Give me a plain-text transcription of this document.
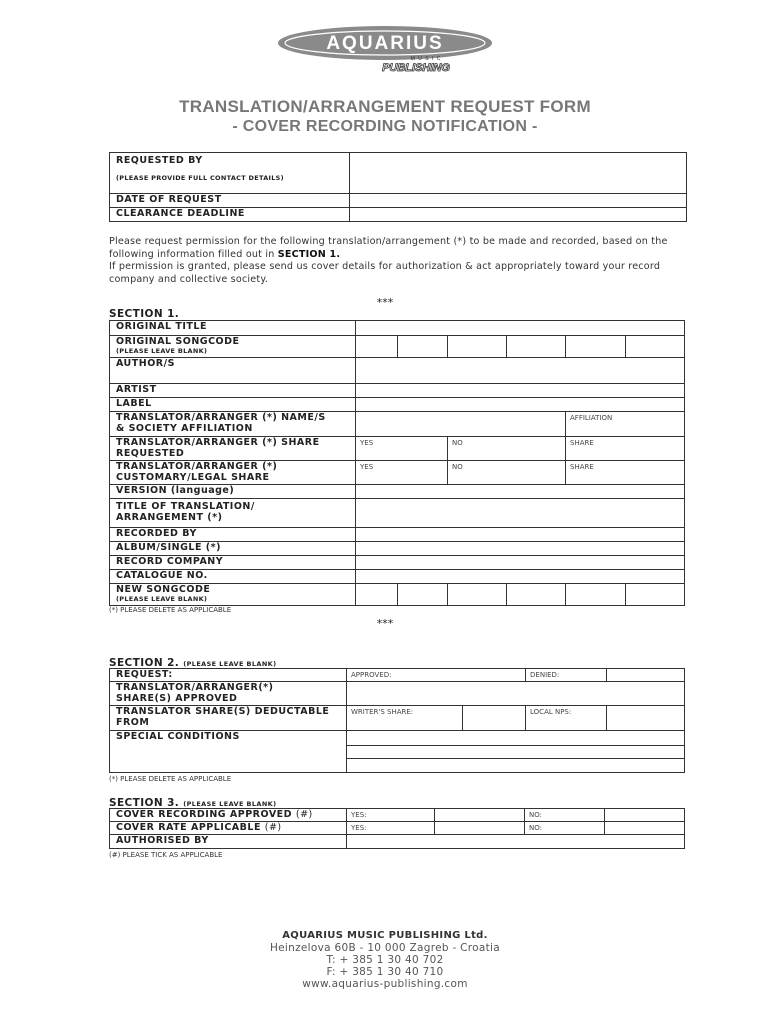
AQUARIUS
M U S I C
PUBLISHING
TRANSLATION/ARRANGEMENT REQUEST FORM
- COVER RECORDING NOTIFICATION -
REQUESTED BY
(PLEASE PROVIDE FULL CONTACT DETAILS)	

DATE OF REQUEST	
CLEARANCE DEADLINE	
Please request permission for the following translation/arrangement (*) to be made and recorded, based on the following information filled out in SECTION 1.
If permission is granted, please send us cover details for authorization & act appropriately toward your record company and collective society.
***
SECTION 1.
ORIGINAL TITLE						

ORIGINAL SONGCODE
(PLEASE LEAVE BLANK)						

AUTHOR/S						
ARTIST						
LABEL						

TRANSLATOR/ARRANGER (*) NAME/S
& SOCIETY AFFILIATION					AFFILIATION	

TRANSLATOR/ARRANGER (*) SHARE
REQUESTED	YES		NO		SHARE	

TRANSLATOR/ARRANGER (*)
CUSTOMARY/LEGAL SHARE	YES		NO		SHARE	
VERSION (language)						

TITLE OF TRANSLATION/
ARRANGEMENT (*)						

RECORDED BY						
ALBUM/SINGLE (*)						
RECORD COMPANY						
CATALOGUE NO.						

NEW SONGCODE
(PLEASE LEAVE BLANK)						

(*) PLEASE DELETE AS APPLICABLE
***
SECTION 2. (PLEASE LEAVE BLANK)
REQUEST:	APPROVED:		DENIED:	

TRANSLATOR/ARRANGER(*)
SHARE(S) APPROVED				

TRANSLATOR SHARE(S) DEDUCTABLE
FROM	WRITER'S SHARE:		LOCAL NPS:	
SPECIAL CONDITIONS				

(*) PLEASE DELETE AS APPLICABLE
SECTION 3. (PLEASE LEAVE BLANK)
COVER RECORDING APPROVED (#)	YES:		NO:	
COVER RATE APPLICABLE (#)	YES:		NO:	
AUTHORISED BY				
(#) PLEASE TICK AS APPLICABLE
AQUARIUS MUSIC PUBLISHING Ltd.
Heinzelova 60B - 10 000 Zagreb - Croatia
T: + 385 1 30 40 702
F: + 385 1 30 40 710
www.aquarius-publishing.com
